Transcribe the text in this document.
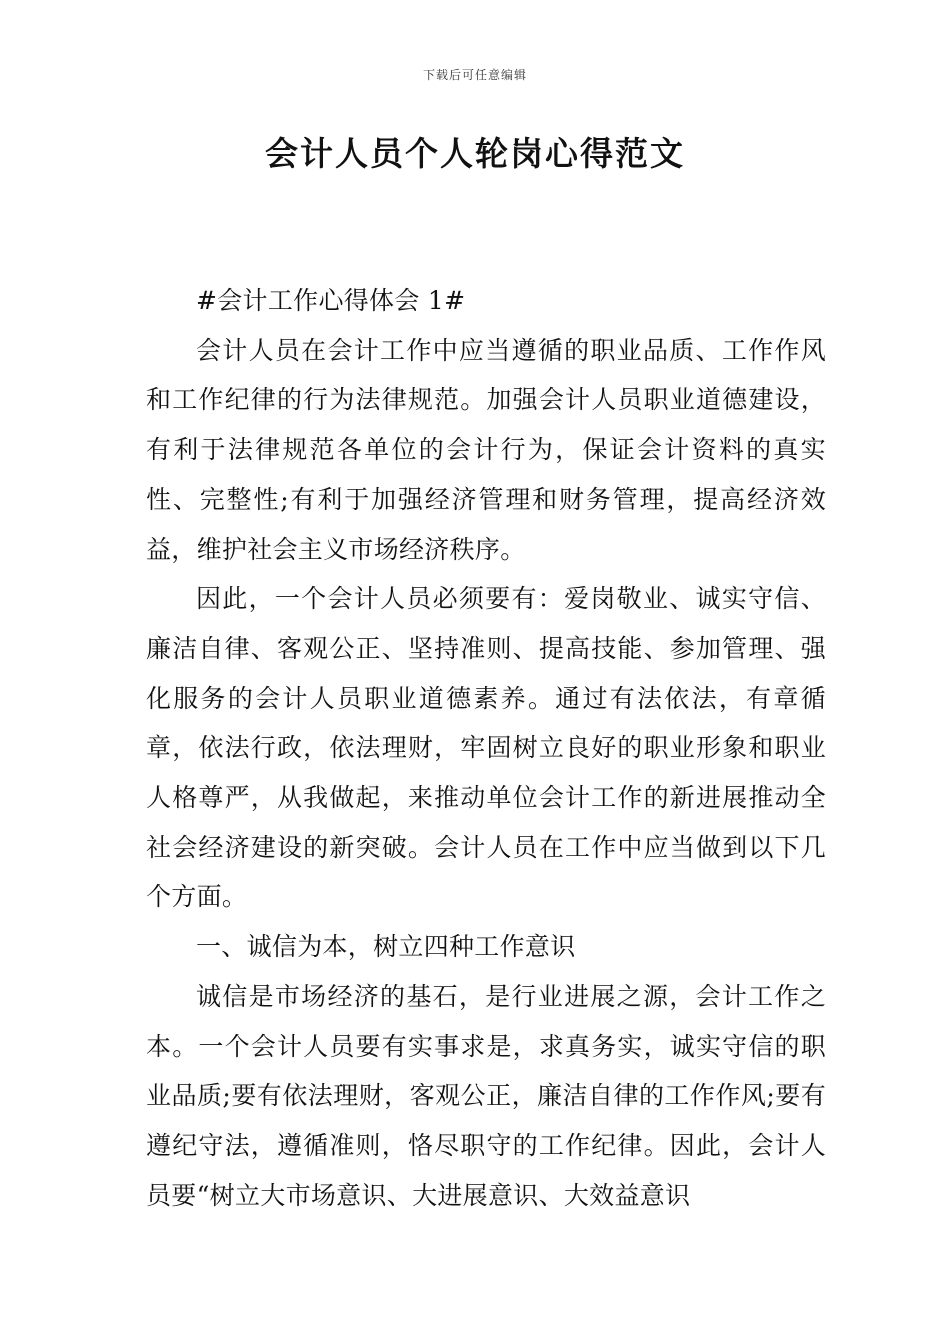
下载后可任意编辑
会计人员个人轮岗心得范文

#会计工作心得体会 1#

会计人员在会计工作中应当遵循的职业品质、工作作风和工作纪律的行为法律规范。加强会计人员职业道德建设，有利于法律规范各单位的会计行为，保证会计资料的真实性、完整性;有利于加强经济管理和财务管理，提高经济效益，维护社会主义市场经济秩序。

因此，一个会计人员必须要有：爱岗敬业、诚实守信、廉洁自律、客观公正、坚持准则、提高技能、参加管理、强化服务的会计人员职业道德素养。通过有法依法，有章循章，依法行政，依法理财，牢固树立良好的职业形象和职业人格尊严，从我做起，来推动单位会计工作的新进展推动全社会经济建设的新突破。会计人员在工作中应当做到以下几个方面。

一、诚信为本，树立四种工作意识

诚信是市场经济的基石，是行业进展之源，会计工作之本。一个会计人员要有实事求是，求真务实，诚实守信的职业品质;要有依法理财，客观公正，廉洁自律的工作作风;要有遵纪守法，遵循准则，恪尽职守的工作纪律。因此，会计人员要“树立大市场意识、大进展意识、大效益意识
